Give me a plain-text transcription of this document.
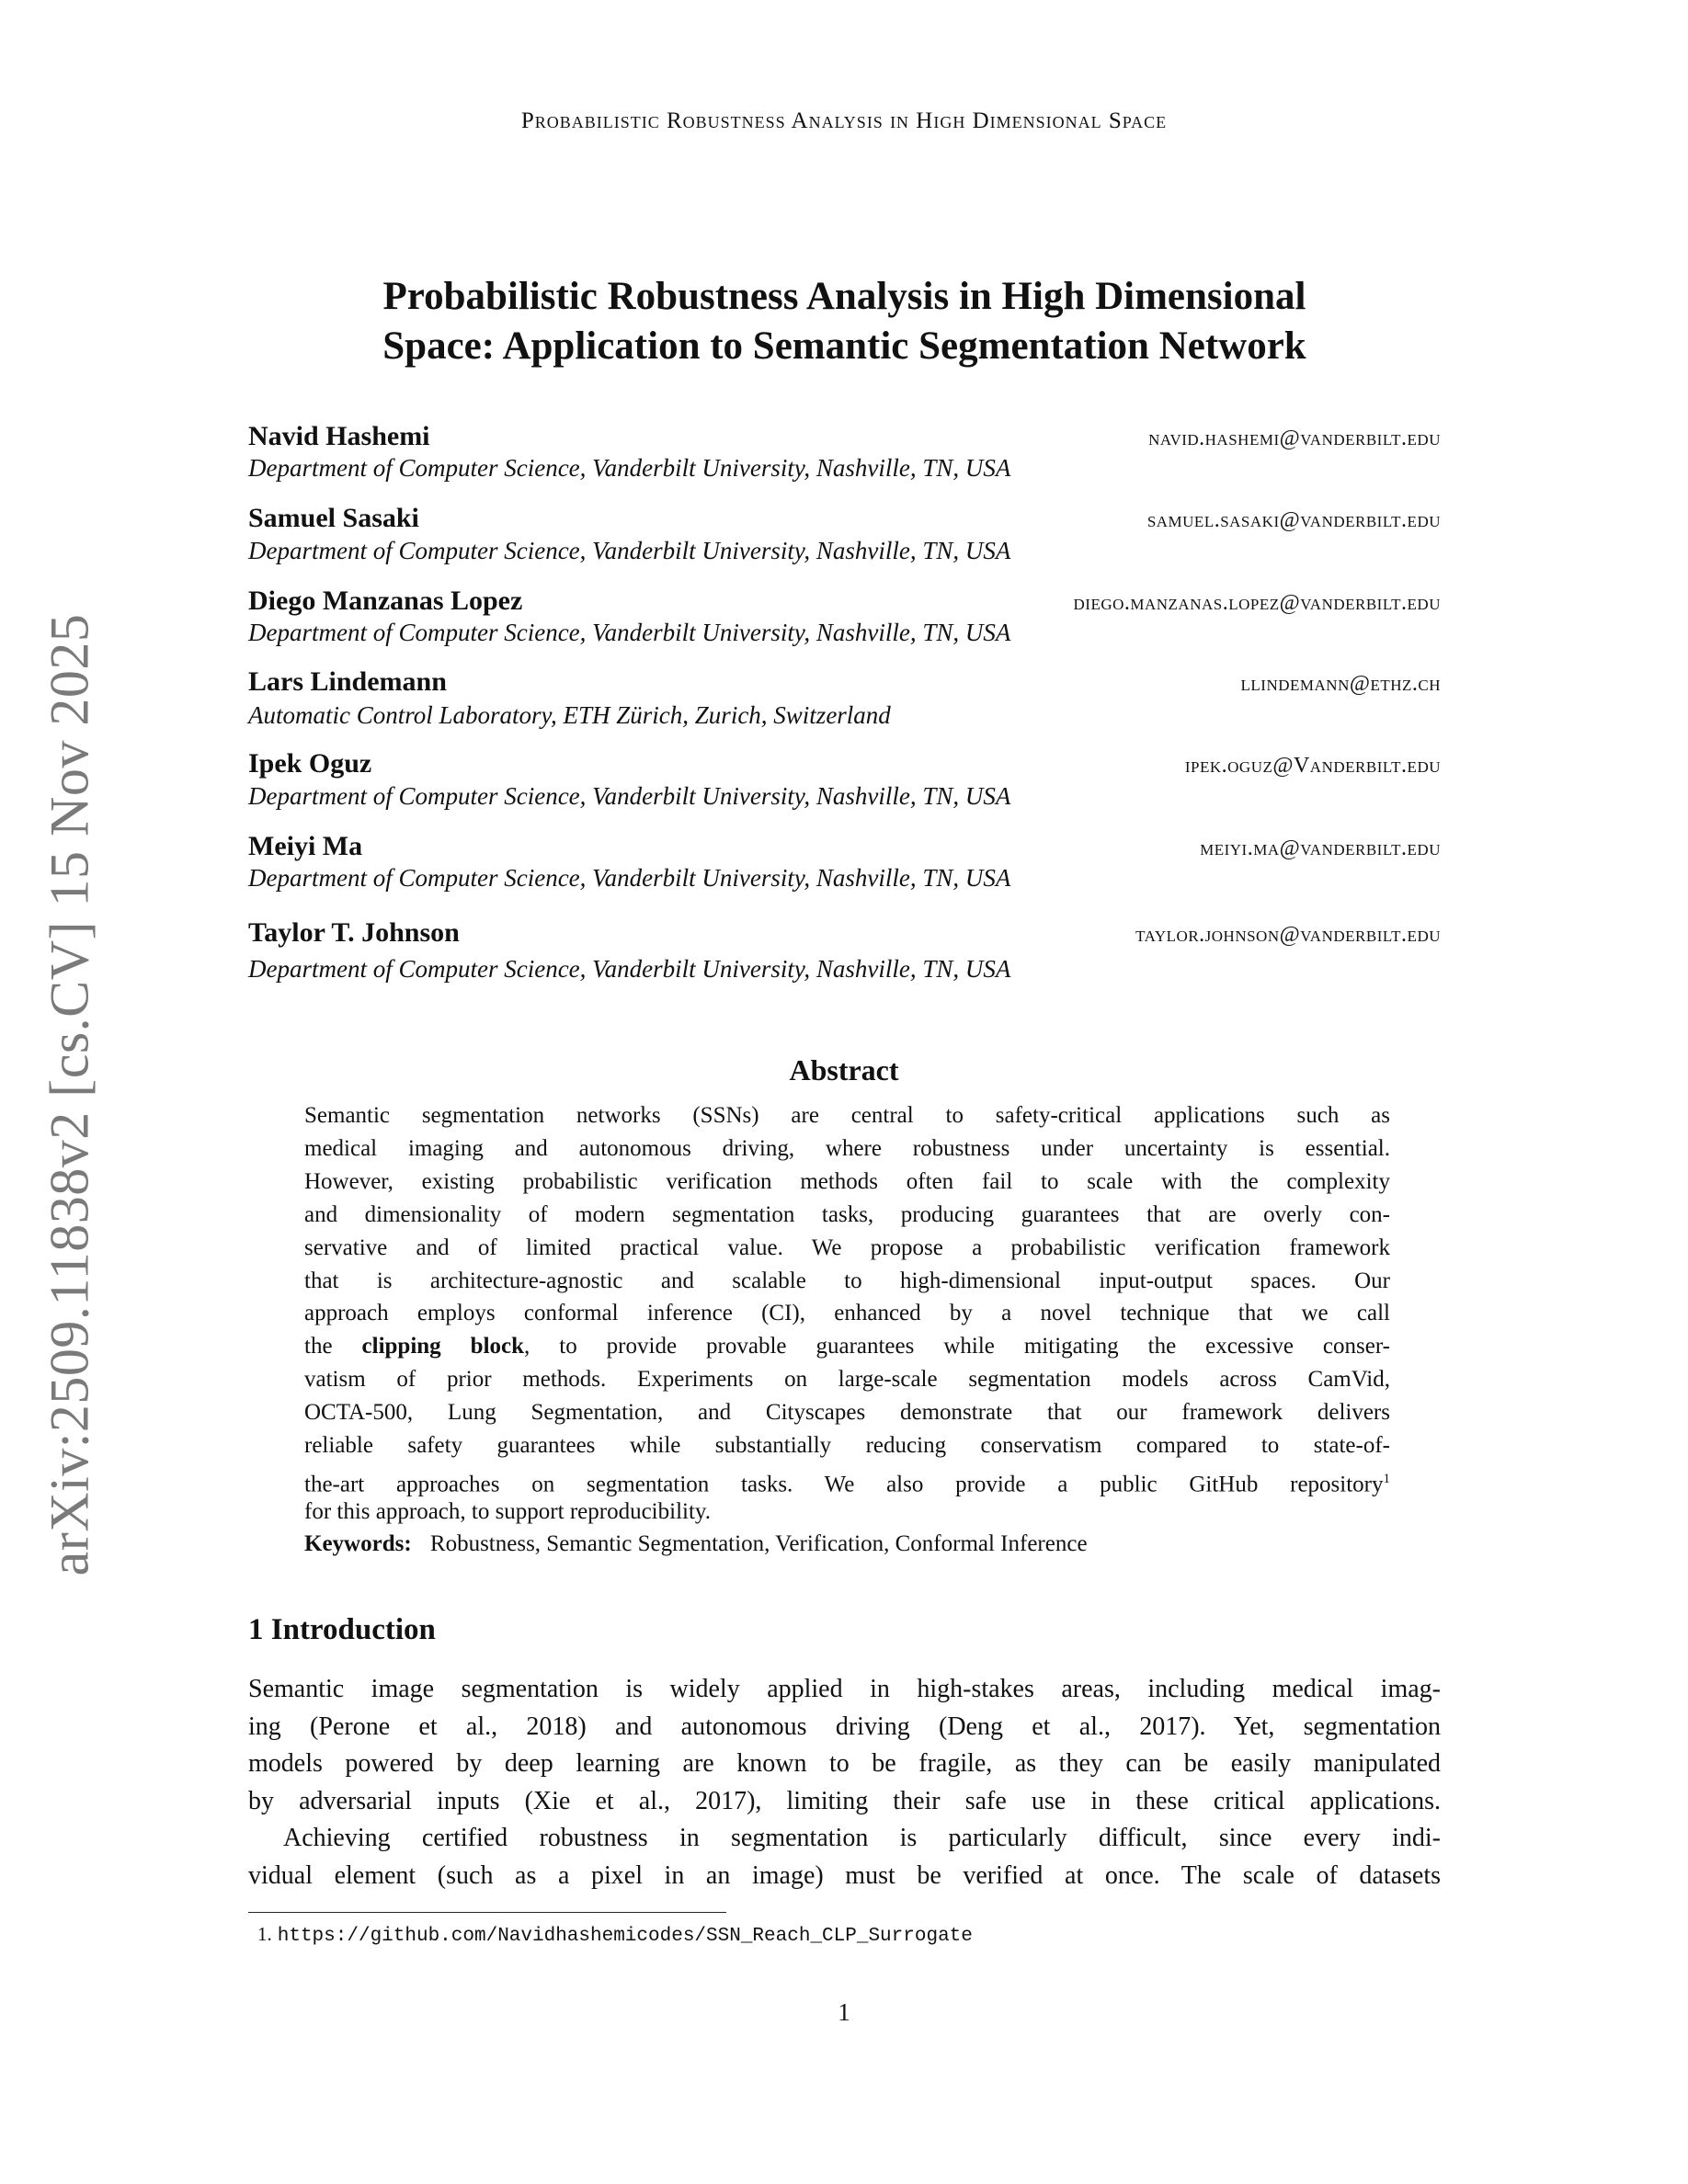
Probabilistic Robustness Analysis in High Dimensional Space
arXiv:2509.11838v2 [cs.CV] 15 Nov 2025
Probabilistic Robustness Analysis in High Dimensional
Space: Application to Semantic Segmentation Network
Navid Hashemi	navid.hashemi@vanderbilt.edu
Department of Computer Science, Vanderbilt University, Nashville, TN, USA
Samuel Sasaki	samuel.sasaki@vanderbilt.edu
Department of Computer Science, Vanderbilt University, Nashville, TN, USA
Diego Manzanas Lopez	diego.manzanas.lopez@vanderbilt.edu
Department of Computer Science, Vanderbilt University, Nashville, TN, USA
Lars Lindemann	llindemann@ethz.ch
Automatic Control Laboratory, ETH Zürich, Zurich, Switzerland
Ipek Oguz	ipek.oguz@Vanderbilt.edu
Department of Computer Science, Vanderbilt University, Nashville, TN, USA
Meiyi Ma	meiyi.ma@vanderbilt.edu
Department of Computer Science, Vanderbilt University, Nashville, TN, USA
Taylor T. Johnson	taylor.johnson@vanderbilt.edu
Department of Computer Science, Vanderbilt University, Nashville, TN, USA
Abstract
Semantic segmentation networks (SSNs) are central to safety-critical applications such as
medical imaging and autonomous driving, where robustness under uncertainty is essential.
However, existing probabilistic verification methods often fail to scale with the complexity
and dimensionality of modern segmentation tasks, producing guarantees that are overly con-
servative and of limited practical value. We propose a probabilistic verification framework
that is architecture-agnostic and scalable to high-dimensional input-output spaces. Our
approach employs conformal inference (CI), enhanced by a novel technique that we call
the clipping block, to provide provable guarantees while mitigating the excessive conser-
vatism of prior methods. Experiments on large-scale segmentation models across CamVid,
OCTA-500, Lung Segmentation, and Cityscapes demonstrate that our framework delivers
reliable safety guarantees while substantially reducing conservatism compared to state-of-
the-art approaches on segmentation tasks. We also provide a public GitHub repository$^1$
for this approach, to support reproducibility.
Keywords: Robustness, Semantic Segmentation, Verification, Conformal Inference
1 Introduction
Semantic image segmentation is widely applied in high-stakes areas, including medical imag-
ing (Perone et al., 2018) and autonomous driving (Deng et al., 2017). Yet, segmentation
models powered by deep learning are known to be fragile, as they can be easily manipulated
by adversarial inputs (Xie et al., 2017), limiting their safe use in these critical applications.
Achieving certified robustness in segmentation is particularly difficult, since every indi-
vidual element (such as a pixel in an image) must be verified at once. The scale of datasets
1. https://github.com/Navidhashemicodes/SSN_Reach_CLP_Surrogate
1
